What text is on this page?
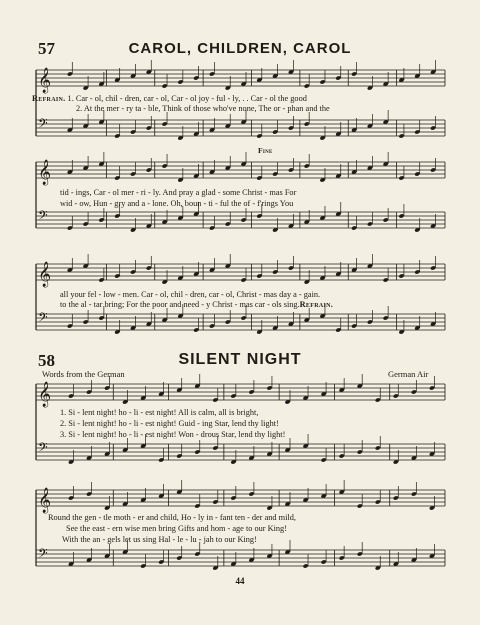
𝄞
𝄢
𝄞
𝄢
𝄞
𝄢
𝄞
𝄢
𝄞
𝄢
57	CAROL, CHILDREN, CAROL
Refrain. 1. Car - ol, chil - dren, car - ol, Car - ol joy - ful - ly, . . Car - ol the good
2. At the mer - ry ta - ble, Think of those who've none, The or - phan and the
Fine
tid - ings, Car - ol mer - ri - ly. And pray a glad - some Christ - mas For
wid - ow, Hun - gry and a - lone. Oh, boun - ti - ful the of - f'rings You
all your fel - low - men. Car - ol, chil - dren, car - ol, Christ - mas day a - gain.
to the al - tar bring; For the poor and need - y Christ - mas car - ols sing.Refrain.
58	SILENT NIGHT
Words from the German	German Air
1. Si - lent night! ho - li - est night! All is calm, all is bright,
2. Si - lent night! ho - li - est night! Guid - ing Star, lend thy light!
3. Si - lent night! ho - li - est night! Won - drous Star, lend thy light!
Round the gen - tle moth - er and child, Ho - ly in - fant ten - der and mild,
See the east - ern wise men bring Gifts and hom - age to our King!
With the an - gels let us sing Hal - le - lu - jah to our King!
44
